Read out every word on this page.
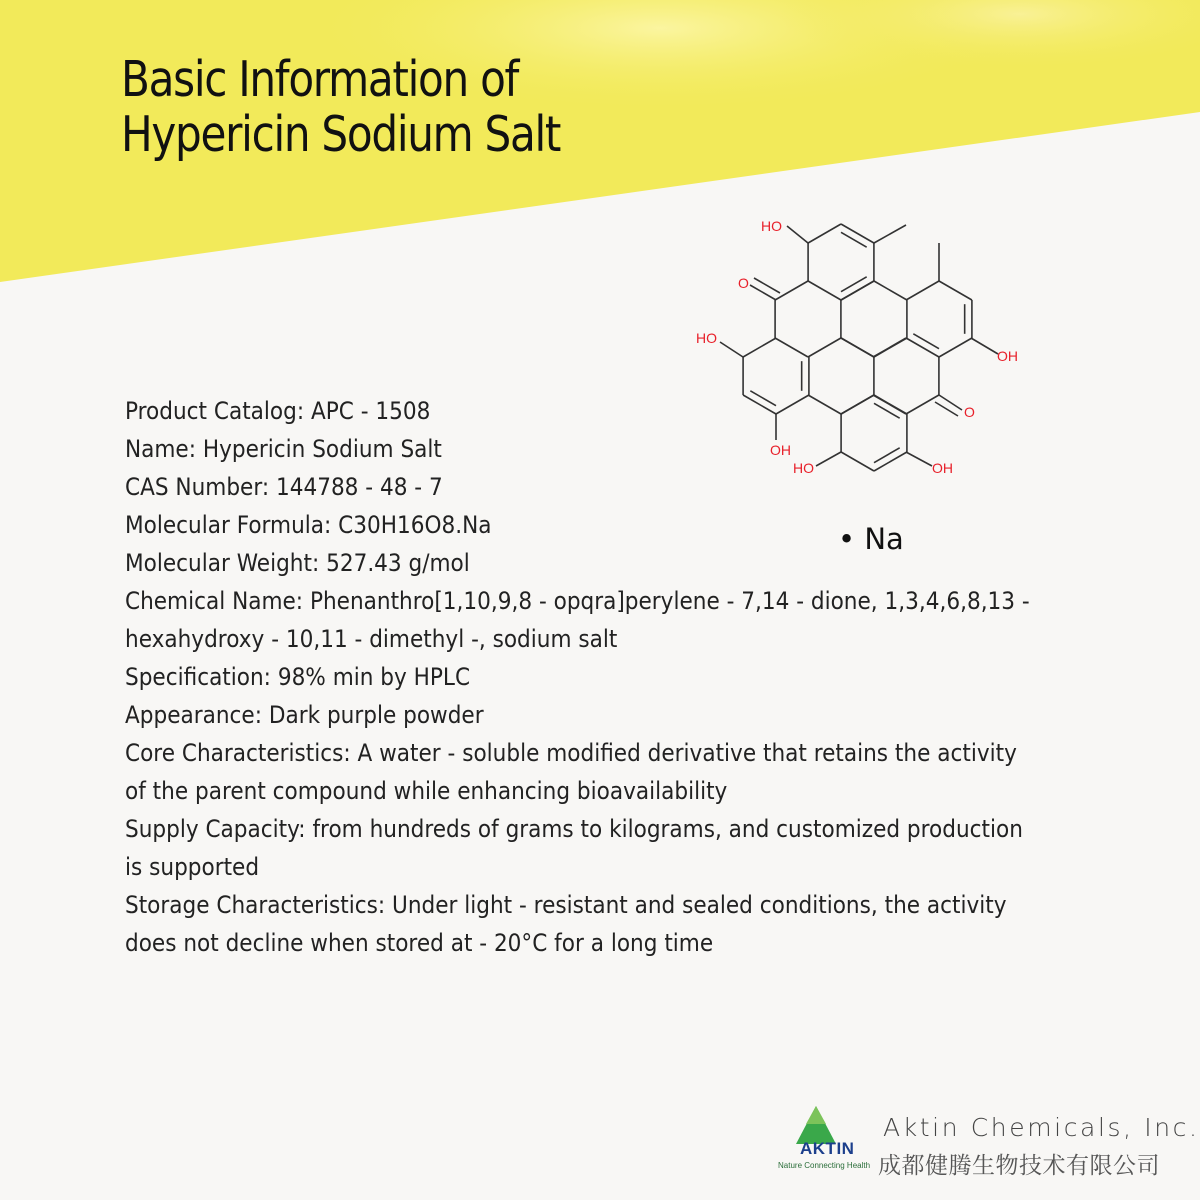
Basic Information of
Hypericin Sodium Salt
HO
O
HO
OH
OH
O
HO	OH
• Na
Product Catalog: APC - 1508
Name: Hypericin Sodium Salt
CAS Number: 144788 - 48 - 7
Molecular Formula: C30H16O8.Na
Molecular Weight: 527.43 g/mol
Chemical Name: Phenanthro[1,10,9,8 - opqra]perylene - 7,14 - dione, 1,3,4,6,8,13 -
hexahydroxy - 10,11 - dimethyl -, sodium salt
Specification: 98% min by HPLC
Appearance: Dark purple powder
Core Characteristics: A water - soluble modified derivative that retains the activity
of the parent compound while enhancing bioavailability
Supply Capacity: from hundreds of grams to kilograms, and customized production
is supported
Storage Characteristics: Under light - resistant and sealed conditions, the activity
does not decline when stored at - 20°C for a long time
AKTIN
Nature Connecting Health
Aktin Chemicals, Inc.
成都健腾生物技术有限公司
